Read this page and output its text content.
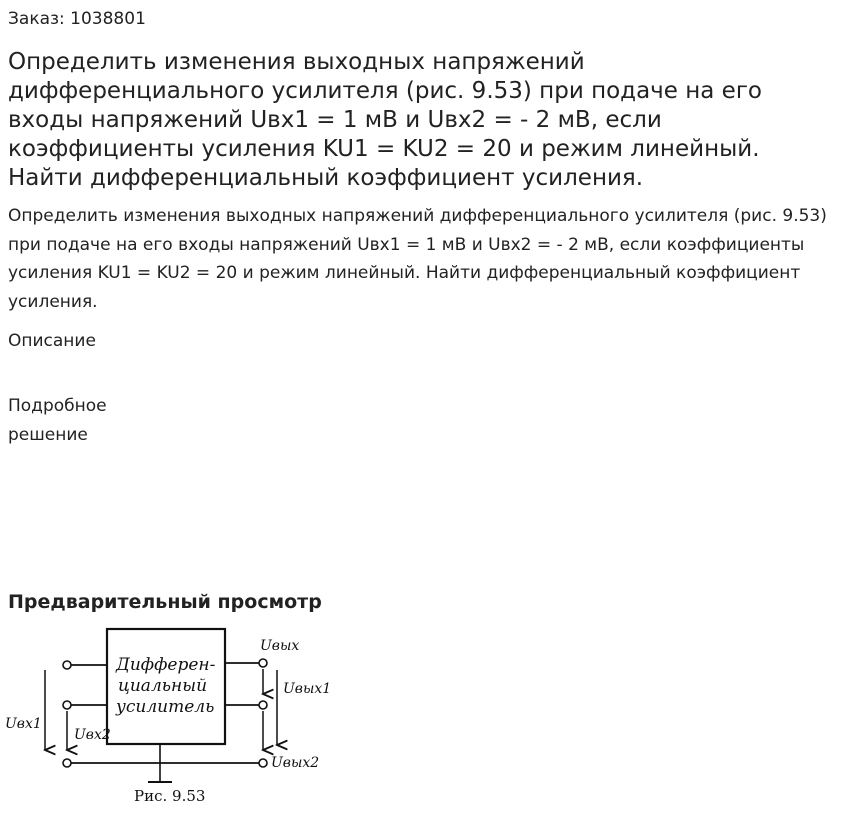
Заказ: 1038801
Определить изменения выходных напряжений дифференциального усилителя (рис. 9.53) при подаче на его входы напряжений Uвх1 = 1 мВ и Uвх2 = - 2 мВ, если коэффициенты усиления KU1 = KU2 = 20 и режим линейный. Найти дифференциальный коэффициент усиления.

Определить изменения выходных напряжений дифференциального усилителя (рис. 9.53) при подаче на его входы напряжений Uвх1 = 1 мВ и Uвх2 = - 2 мВ, если коэффициенты усиления KU1 = KU2 = 20 и режим линейный. Найти дифференциальный коэффициент усиления.

Описание
Подробное решение
Предварительный просмотр
Дифферен-
циальный
усилитель
Uвх1
Uвх2
Uвых
Uвых1
Uвых2
Рис. 9.53
